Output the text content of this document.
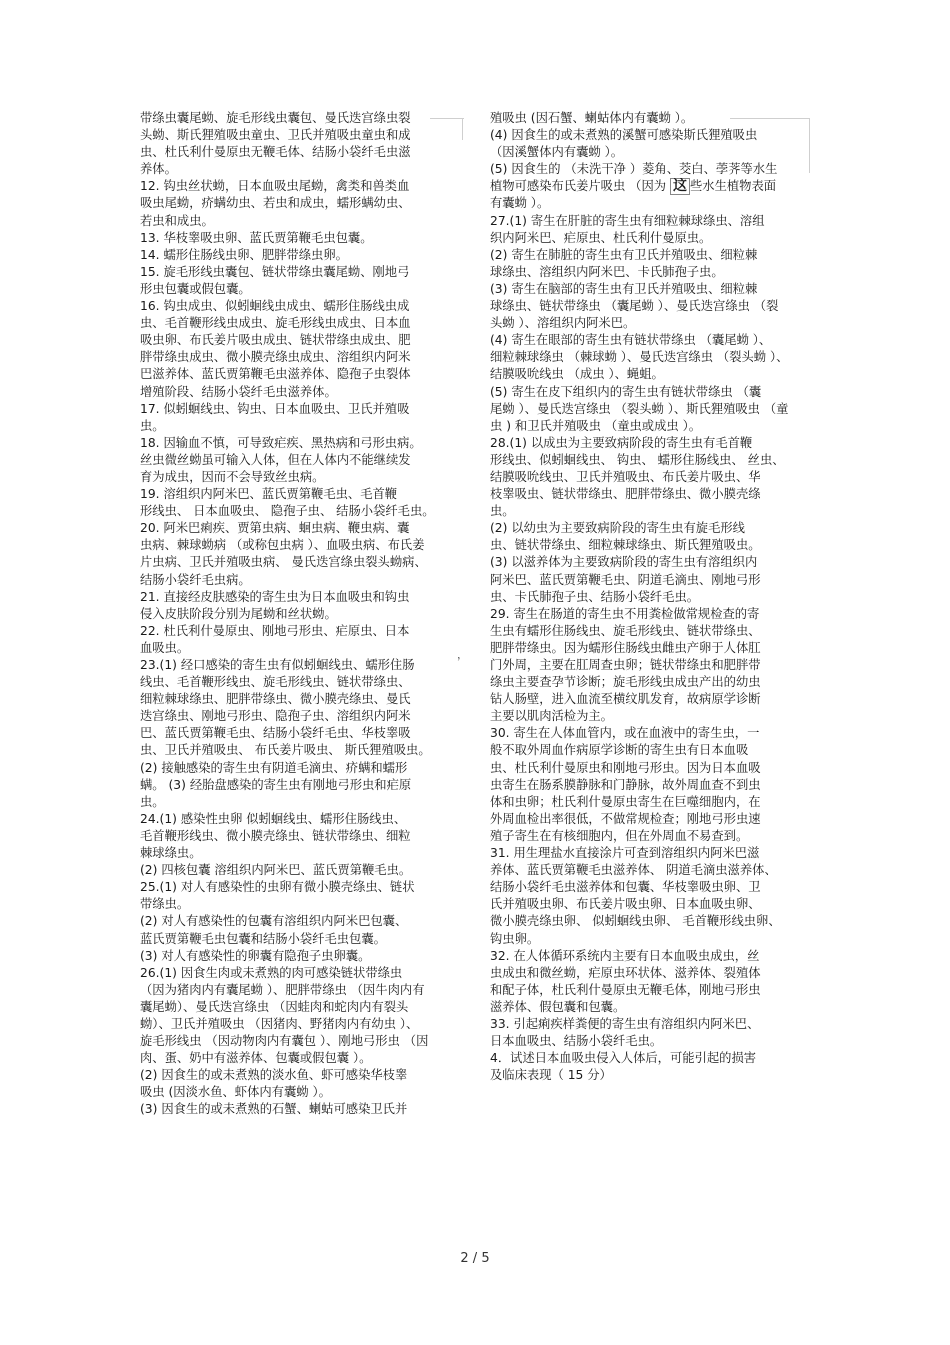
带绦虫囊尾蚴、旋毛形线虫囊包、曼氏迭宫绦虫裂

头蚴、斯氏狸殖吸虫童虫、卫氏并殖吸虫童虫和成

虫、杜氏利什曼原虫无鞭毛体、结肠小袋纤毛虫滋

养体。

12. 钩虫丝状蚴，日本血吸虫尾蚴，禽类和兽类血

吸虫尾蚴，疥螨幼虫、若虫和成虫，蠕形螨幼虫、

若虫和成虫。

13. 华枝睾吸虫卵、蓝氏贾第鞭毛虫包囊。

14. 蠕形住肠线虫卵、肥胖带绦虫卵。

15. 旋毛形线虫囊包、链状带绦虫囊尾蚴、刚地弓

形虫包囊或假包囊。

16. 钩虫成虫、似蚓蛔线虫成虫、蠕形住肠线虫成

虫、毛首鞭形线虫成虫、旋毛形线虫成虫、日本血

吸虫卵、布氏姜片吸虫成虫、链状带绦虫成虫、肥

胖带绦虫成虫、微小膜壳绦虫成虫、溶组织内阿米

巴滋养体、蓝氏贾第鞭毛虫滋养体、隐孢子虫裂体

增殖阶段、结肠小袋纤毛虫滋养体。

17. 似蚓蛔线虫、钩虫、日本血吸虫、卫氏并殖吸

虫。

18. 因输血不慎，可导致疟疾、黑热病和弓形虫病。

丝虫微丝蚴虽可输入人体，但在人体内不能继续发

育为成虫，因而不会导致丝虫病。

19. 溶组织内阿米巴、蓝氏贾第鞭毛虫、毛首鞭

形线虫、 日本血吸虫、 隐孢子虫、 结肠小袋纤毛虫。

20. 阿米巴痢疾、贾第虫病、蛔虫病、鞭虫病、囊

虫病、棘球蚴病 （或称包虫病 ）、血吸虫病、布氏姜

片虫病、卫氏并殖吸虫病、 曼氏迭宫绦虫裂头蚴病、

结肠小袋纤毛虫病。

21. 直接经皮肤感染的寄生虫为日本血吸虫和钩虫

侵入皮肤阶段分别为尾蚴和丝状蚴。

22. 杜氏利什曼原虫、刚地弓形虫、疟原虫、日本

血吸虫。

23.(1) 经口感染的寄生虫有似蚓蛔线虫、蠕形住肠

线虫、毛首鞭形线虫、旋毛形线虫、链状带绦虫、

细粒棘球绦虫、肥胖带绦虫、微小膜壳绦虫、曼氏

迭宫绦虫、刚地弓形虫、隐孢子虫、溶组织内阿米

巴、蓝氏贾第鞭毛虫、结肠小袋纤毛虫、华枝睾吸

虫、卫氏并殖吸虫、 布氏姜片吸虫、 斯氏狸殖吸虫。

(2) 接触感染的寄生虫有阴道毛滴虫、疥螨和蠕形

螨。 (3) 经胎盘感染的寄生虫有刚地弓形虫和疟原

虫。

24.(1) 感染性虫卵 似蚓蛔线虫、蠕形住肠线虫、

毛首鞭形线虫、微小膜壳绦虫、链状带绦虫、细粒

棘球绦虫。

(2) 四核包囊 溶组织内阿米巴、蓝氏贾第鞭毛虫。

25.(1) 对人有感染性的虫卵有微小膜壳绦虫、链状

带绦虫。

(2) 对人有感染性的包囊有溶组织内阿米巴包囊、

蓝氏贾第鞭毛虫包囊和结肠小袋纤毛虫包囊。

(3) 对人有感染性的卵囊有隐孢子虫卵囊。

26.(1) 因食生肉或未煮熟的肉可感染链状带绦虫

（因为猪肉内有囊尾蚴 ）、肥胖带绦虫 （因牛肉内有

囊尾蚴）、曼氏迭宫绦虫 （因蛙肉和蛇肉内有裂头

蚴）、卫氏并殖吸虫 （因猪肉、野猪肉内有幼虫 ）、

旋毛形线虫 （因动物肉内有囊包 ）、刚地弓形虫 （因

肉、蛋、奶中有滋养体、包囊或假包囊 ）。

(2) 因食生的或未煮熟的淡水鱼、虾可感染华枝睾

吸虫 (因淡水鱼、虾体内有囊蚴 ）。

(3) 因食生的或未煮熟的石蟹、蝲蛄可感染卫氏并

殖吸虫 (因石蟹、蝲蛄体内有囊蚴 ）。

(4) 因食生的或未煮熟的溪蟹可感染斯氏狸殖吸虫

（因溪蟹体内有囊蚴 ）。

(5) 因食生的 （未洗干净 ）菱角、茭白、荸荠等水生

植物可感染布氏姜片吸虫 （因为 这 些水生植物表面

有囊蚴 ）。

27.(1) 寄生在肝脏的寄生虫有细粒棘球绦虫、溶组

织内阿米巴、疟原虫、杜氏利什曼原虫。

(2) 寄生在肺脏的寄生虫有卫氏并殖吸虫、细粒棘

球绦虫、溶组织内阿米巴、卡氏肺孢子虫。

(3) 寄生在脑部的寄生虫有卫氏并殖吸虫、细粒棘

球绦虫、链状带绦虫 （囊尾蚴 ）、曼氏迭宫绦虫 （裂

头蚴 ）、溶组织内阿米巴。

(4) 寄生在眼部的寄生虫有链状带绦虫 （囊尾蚴 ）、

细粒棘球绦虫 （棘球蚴 ）、曼氏迭宫绦虫 （裂头蚴 ）、

结膜吸吮线虫 （成虫 ）、蝇蛆。

(5) 寄生在皮下组织内的寄生虫有链状带绦虫 （囊

尾蚴 ）、曼氏迭宫绦虫 （裂头蚴 ）、斯氏狸殖吸虫 （童

虫 ) 和卫氏并殖吸虫 （童虫或成虫 ）。

28.(1) 以成虫为主要致病阶段的寄生虫有毛首鞭

形线虫、似蚓蛔线虫、 钩虫、 蠕形住肠线虫、 丝虫、

结膜吸吮线虫、卫氏并殖吸虫、布氏姜片吸虫、华

枝睾吸虫、链状带绦虫、肥胖带绦虫、微小膜壳绦

虫。

(2) 以幼虫为主要致病阶段的寄生虫有旋毛形线

虫、链状带绦虫、细粒棘球绦虫、斯氏狸殖吸虫。

(3) 以滋养体为主要致病阶段的寄生虫有溶组织内

阿米巴、蓝氏贾第鞭毛虫、阴道毛滴虫、刚地弓形

虫、卡氏肺孢子虫、结肠小袋纤毛虫。

29. 寄生在肠道的寄生虫不用粪检做常规检查的寄

生虫有蠕形住肠线虫、旋毛形线虫、链状带绦虫、

肥胖带绦虫。因为蠕形住肠线虫雌虫产卵于人体肛

门外周，主要在肛周查虫卵；链状带绦虫和肥胖带

绦虫主要查孕节诊断；旋毛形线虫成虫产出的幼虫

钻人肠壁，进入血流至横纹肌发育，故病原学诊断

主要以肌肉活检为主。

30. 寄生在人体血管内，或在血液中的寄生虫，一

般不取外周血作病原学诊断的寄生虫有日本血吸

虫、杜氏利什曼原虫和刚地弓形虫。因为日本血吸

虫寄生在肠系膜静脉和门静脉，故外周血查不到虫

体和虫卵；杜氏利什曼原虫寄生在巨噬细胞内，在

外周血检出率很低，不做常规检查；刚地弓形虫速

殖子寄生在有核细胞内，但在外周血不易查到。

31. 用生理盐水直接涂片可查到溶组织内阿米巴滋

养体、蓝氏贾第鞭毛虫滋养体、 阴道毛滴虫滋养体、

结肠小袋纤毛虫滋养体和包囊、华枝睾吸虫卵、卫

氏并殖吸虫卵、布氏姜片吸虫卵、日本血吸虫卵、

微小膜壳绦虫卵、 似蚓蛔线虫卵、 毛首鞭形线虫卵、

钩虫卵。

32. 在人体循环系统内主要有日本血吸虫成虫，丝

虫成虫和微丝蚴，疟原虫环状体、滋养体、裂殖体

和配子体，杜氏利什曼原虫无鞭毛体，刚地弓形虫

滋养体、假包囊和包囊。

33. 引起痢疾样粪便的寄生虫有溶组织内阿米巴、

日本血吸虫、结肠小袋纤毛虫。

4．试述日本血吸虫侵入人体后，可能引起的损害

及临床表现（ 15 分）

，
2 / 5
